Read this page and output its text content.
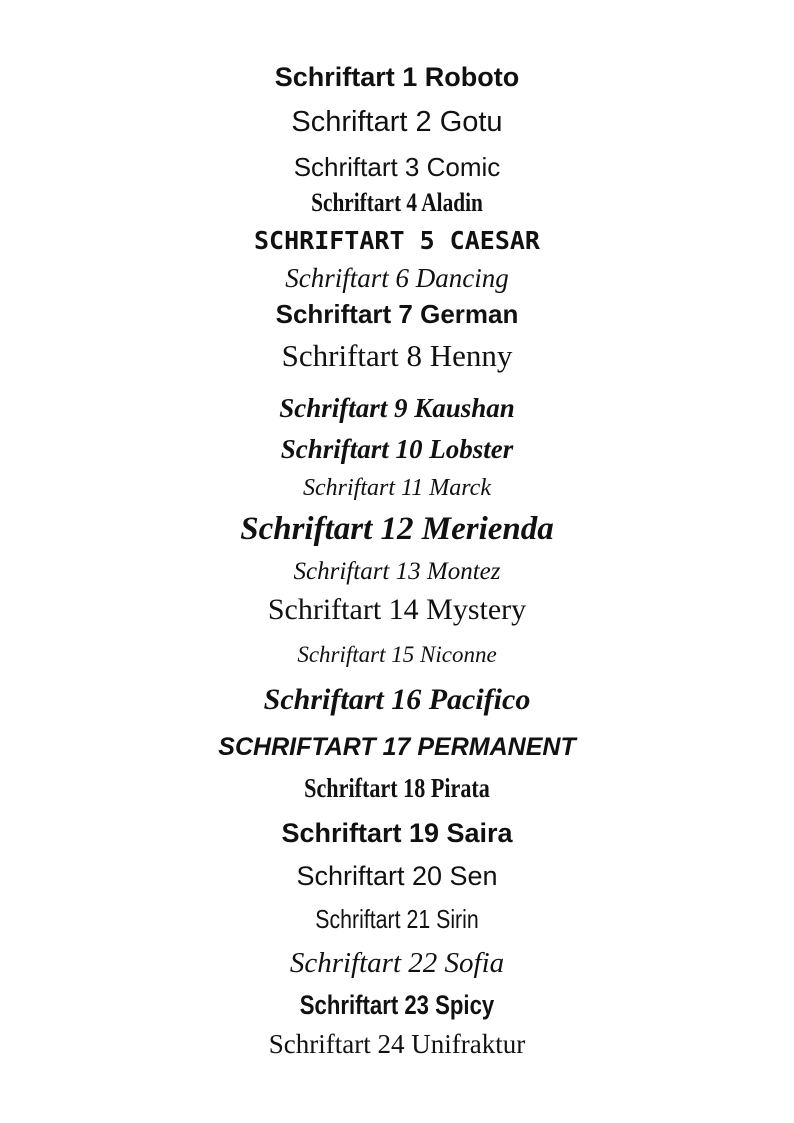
Schriftart 1 Roboto
Schriftart 2 Gotu
Schriftart 3 Comic
Schriftart 4 Aladin
SCHRIFTART 5 CAESAR
Schriftart 6 Dancing
Schriftart 7 German
Schriftart 8 Henny
Schriftart 9 Kaushan
Schriftart 10 Lobster
Schriftart 11 Marck
Schriftart 12 Merienda
Schriftart 13 Montez
Schriftart 14 Mystery
Schriftart 15 Niconne
Schriftart 16 Pacifico
SCHRIFTART 17 PERMANENT
Schriftart 18 Pirata
Schriftart 19 Saira
Schriftart 20 Sen
Schriftart 21 Sirin
Schriftart 22 Sofia
Schriftart 23 Spicy
Schriftart 24 Unifraktur
